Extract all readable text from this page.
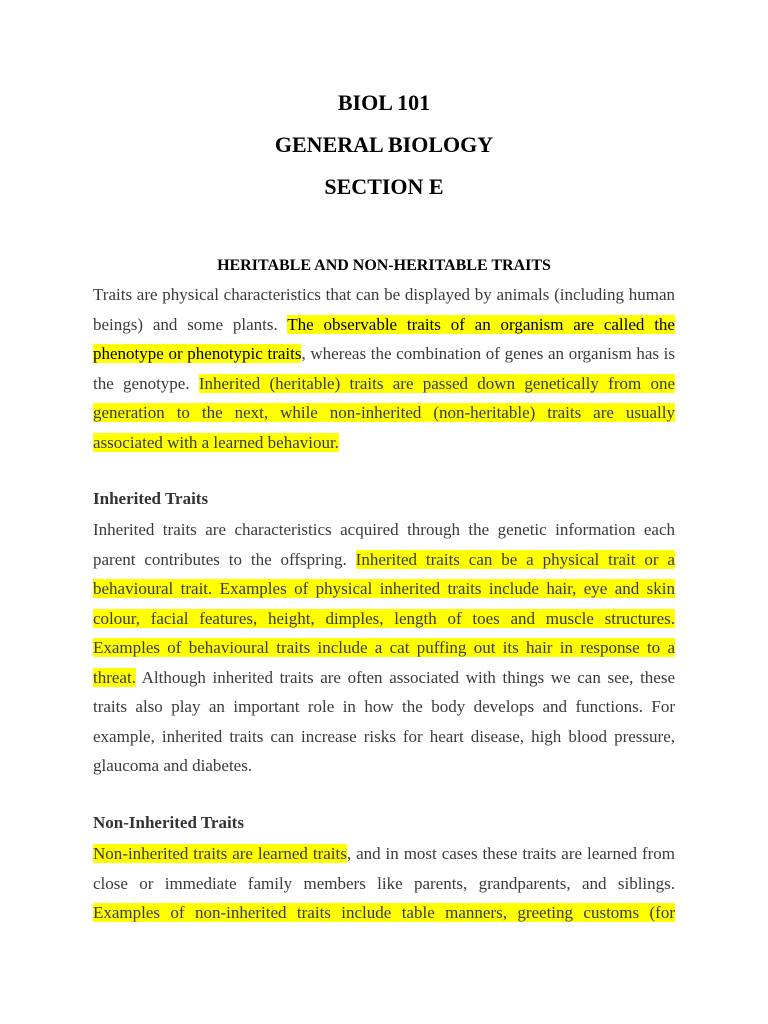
BIOL 101
GENERAL BIOLOGY
SECTION E
HERITABLE AND NON-HERITABLE TRAITS

Traits are physical characteristics that can be displayed by animals (including human beings) and some plants. The observable traits of an organism are called the phenotype or phenotypic traits, whereas the combination of genes an organism has is the genotype. Inherited (heritable) traits are passed down genetically from one generation to the next, while non-inherited (non-heritable) traits are usually associated with a learned behaviour.

Inherited Traits

Inherited traits are characteristics acquired through the genetic information each parent contributes to the offspring. Inherited traits can be a physical trait or a behavioural trait. Examples of physical inherited traits include hair, eye and skin colour, facial features, height, dimples, length of toes and muscle structures. Examples of behavioural traits include a cat puffing out its hair in response to a threat. Although inherited traits are often associated with things we can see, these traits also play an important role in how the body develops and functions. For example, inherited traits can increase risks for heart disease, high blood pressure, glaucoma and diabetes.

Non-Inherited Traits

Non-inherited traits are learned traits, and in most cases these traits are learned from close or immediate family members like parents, grandparents, and siblings. Examples of non-inherited traits include table manners, greeting customs (for
